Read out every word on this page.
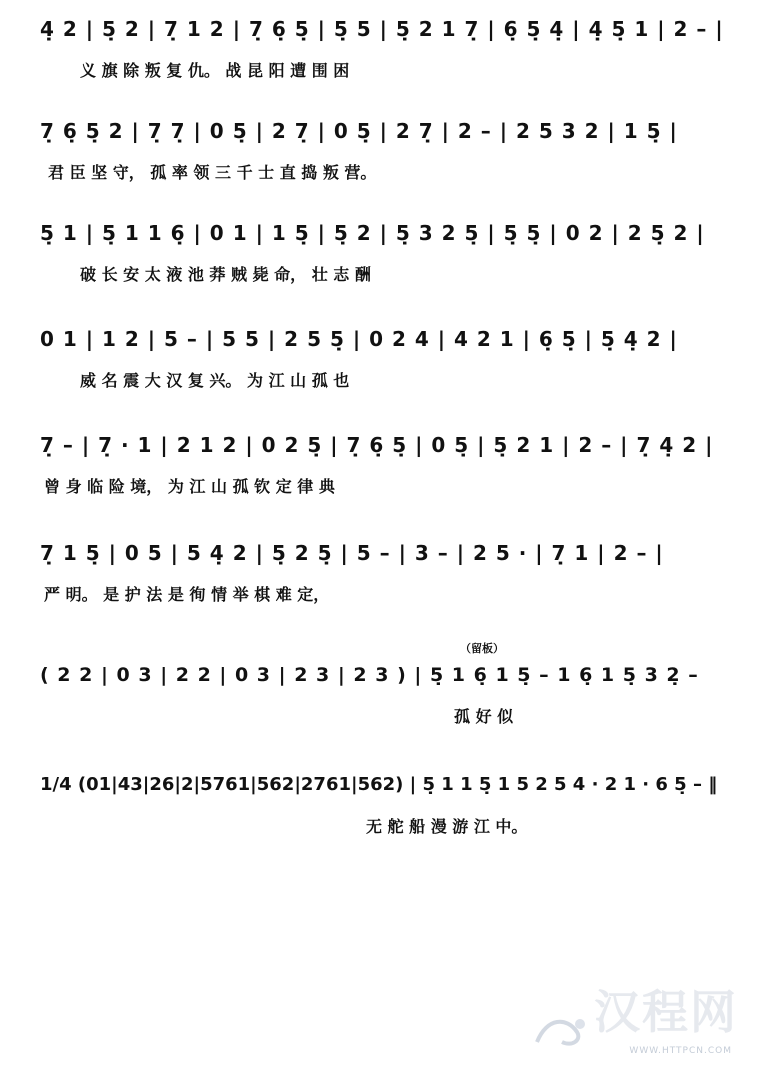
4̣ 2 | 5̣ 2 | 7̣ 1 2 | 7̣ 6̣ 5̣ | 5̣ 5 | 5̣ 2 1 7̣ | 6̣ 5̣ 4̣ | 4̣ 5̣ 1 | 2 – |
义 旗 除 叛 复 仇。 战 昆 阳 遭 围 困
7̣ 6̣ 5̣ 2 | 7̣ 7̣ | 0 5̣ | 2 7̣ | 0 5̣ | 2 7̣ | 2 – | 2 5 3 2 | 1 5̣ |
君 臣 坚 守， 孤 率 领 三 千 士 直 捣 叛 营。
5̣ 1 | 5̣ 1 1 6̣ | 0 1 | 1 5̣ | 5̣ 2 | 5̣ 3 2 5̣ | 5̣ 5̣ | 0 2 | 2 5̣ 2 |
破 长 安 太 液 池 莽 贼 毙 命， 壮 志 酬
0 1 | 1 2 | 5 – | 5 5 | 2 5 5̣ | 0 2 4 | 4 2 1 | 6̣ 5̣ | 5̣ 4̣ 2 |
威 名 震 大 汉 复 兴。 为 江 山 孤 也
7̣ – | 7̣ · 1 | 2 1 2 | 0 2 5̣ | 7̣ 6̣ 5̣ | 0 5̣ | 5̣ 2 1 | 2 – | 7̣ 4̣ 2 |
曾 身 临 险 境， 为 江 山 孤 钦 定 律 典
7̣ 1 5̣ | 0 5 | 5 4̣ 2 | 5̣ 2 5̣ | 5 – | 3 – | 2 5 · | 7̣ 1 | 2 – |
严 明。 是 护 法 是 徇 情 举 棋 难 定，
（留板）
( 2 2 | 0 3 | 2 2 | 0 3 | 2 3 | 2 3 ) | 5̣ 1 6̣ 1 5̣ – 1 6̣ 1 5̣ 3 2̣ –
孤 好 似
1/4 (01|43|26|2|5761|562|2761|562) | 5̣ 1 1 5̣ 1 5 2 5 4 · 2 1 · 6 5̣ – ‖
无 舵 船 漫 游 江 中。
汉程网
WWW.HTTPCN.COM
